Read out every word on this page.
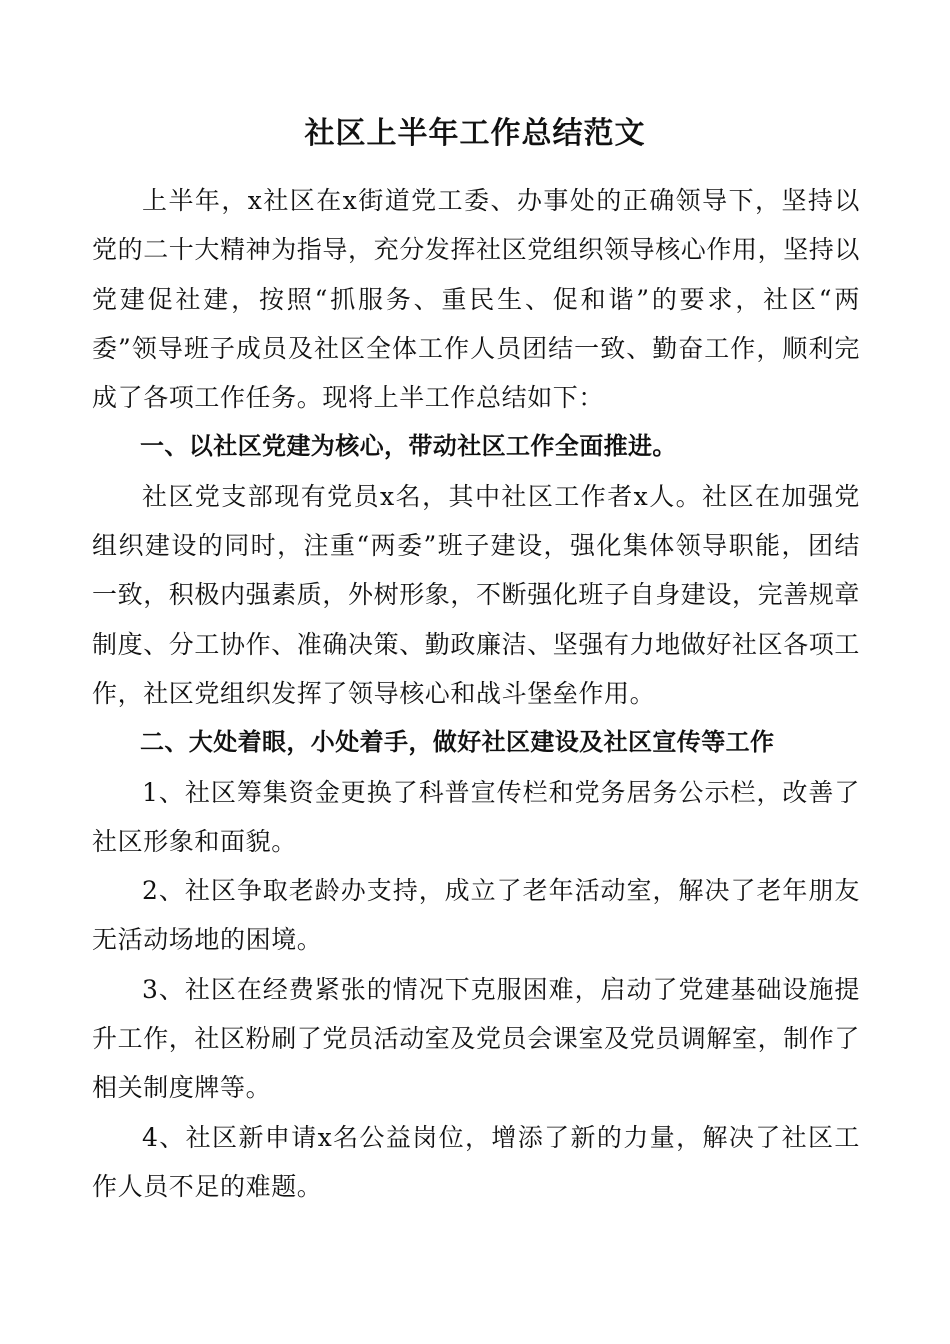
社区上半年工作总结范文

上半年，x社区在x街道党工委、办事处的正确领导下，坚持以党的二十大精神为指导，充分发挥社区党组织领导核心作用，坚持以党建促社建，按照“抓服务、重民生、促和谐”的要求，社区“两委”领导班子成员及社区全体工作人员团结一致、勤奋工作，顺利完成了各项工作任务。现将上半工作总结如下：

一、以社区党建为核心，带动社区工作全面推进。

社区党支部现有党员x名，其中社区工作者x人。社区在加强党组织建设的同时，注重“两委”班子建设，强化集体领导职能，团结一致，积极内强素质，外树形象，不断强化班子自身建设，完善规章制度、分工协作、准确决策、勤政廉洁、坚强有力地做好社区各项工作，社区党组织发挥了领导核心和战斗堡垒作用。

二、大处着眼，小处着手，做好社区建设及社区宣传等工作

1、社区筹集资金更换了科普宣传栏和党务居务公示栏，改善了社区形象和面貌。

2、社区争取老龄办支持，成立了老年活动室，解决了老年朋友无活动场地的困境。

3、社区在经费紧张的情况下克服困难，启动了党建基础设施提升工作，社区粉刷了党员活动室及党员会课室及党员调解室，制作了相关制度牌等。

4、社区新申请x名公益岗位，增添了新的力量，解决了社区工作人员不足的难题。
